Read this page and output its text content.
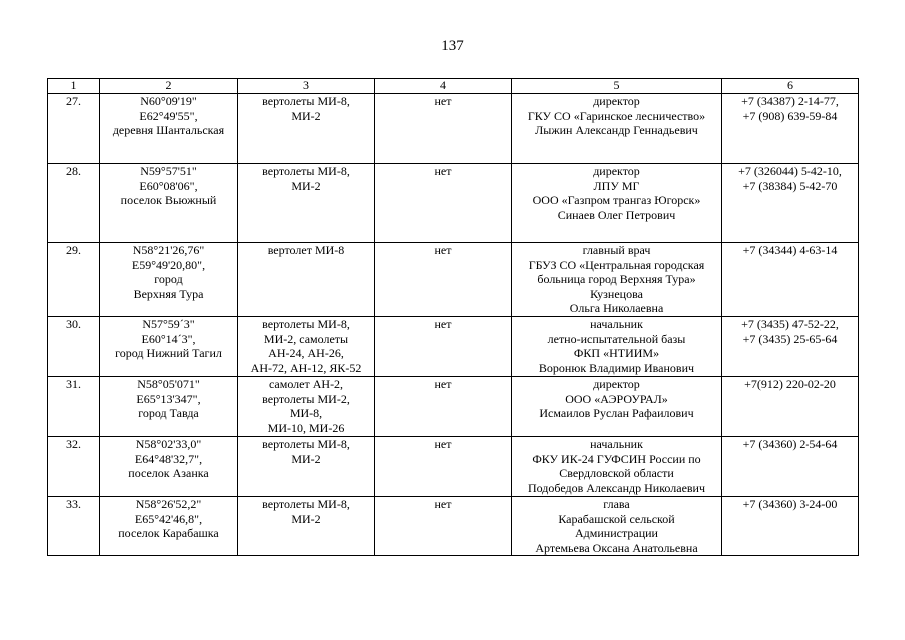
137
1	2	3	4	5	6
27.	N60°09'19"
E62°49'55",
деревня Шантальская	вертолеты МИ-8,
МИ-2	нет	директор
ГКУ СО «Гаринское лесничество»
Лыжин Александр Геннадьевич	+7 (34387) 2-14-77,
+7 (908) 639-59-84

28.	N59°57'51"
E60°08'06",
поселок Вьюжный	вертолеты МИ-8,
МИ-2	нет	директор
ЛПУ МГ
ООО «Газпром трангаз Югорск»
Синаев Олег Петрович	+7 (326044) 5-42-10,
+7 (38384) 5-42-70

29.	N58°21'26,76"
E59°49'20,80",
город
Верхняя Тура	вертолет МИ-8	нет	главный врач
ГБУЗ СО «Центральная городская
больница город Верхняя Тура»
Кузнецова
Ольга Николаевна	+7 (34344) 4-63-14

30.	N57°59´3"
E60°14´3",
город Нижний Тагил	вертолеты МИ-8,
МИ-2, самолеты
АН-24, АН-26,
АН-72, АН-12, ЯК-52	нет	начальник
летно-испытательной базы
ФКП «НТИИМ»
Воронюк Владимир Иванович	+7 (3435) 47-52-22,
+7 (3435) 25-65-64

31.	N58°05'071"
E65°13'347",
город Тавда	самолет АН-2,
вертолеты МИ-2,
МИ-8,
МИ-10, МИ-26	нет	директор
ООО «АЭРОУРАЛ»
Исмаилов Руслан Рафаилович	+7(912) 220-02-20

32.	N58°02'33,0"
E64°48'32,7",
поселок Азанка	вертолеты МИ-8,
МИ-2	нет	начальник
ФКУ ИК-24 ГУФСИН России по
Свердловской области
Подобедов Александр Николаевич	+7 (34360) 2-54-64

33.	N58°26'52,2"
E65°42'46,8",
поселок Карабашка	вертолеты МИ-8,
МИ-2	нет	глава
Карабашской сельской
Администрации
Артемьева Оксана Анатольевна	+7 (34360) 3-24-00
